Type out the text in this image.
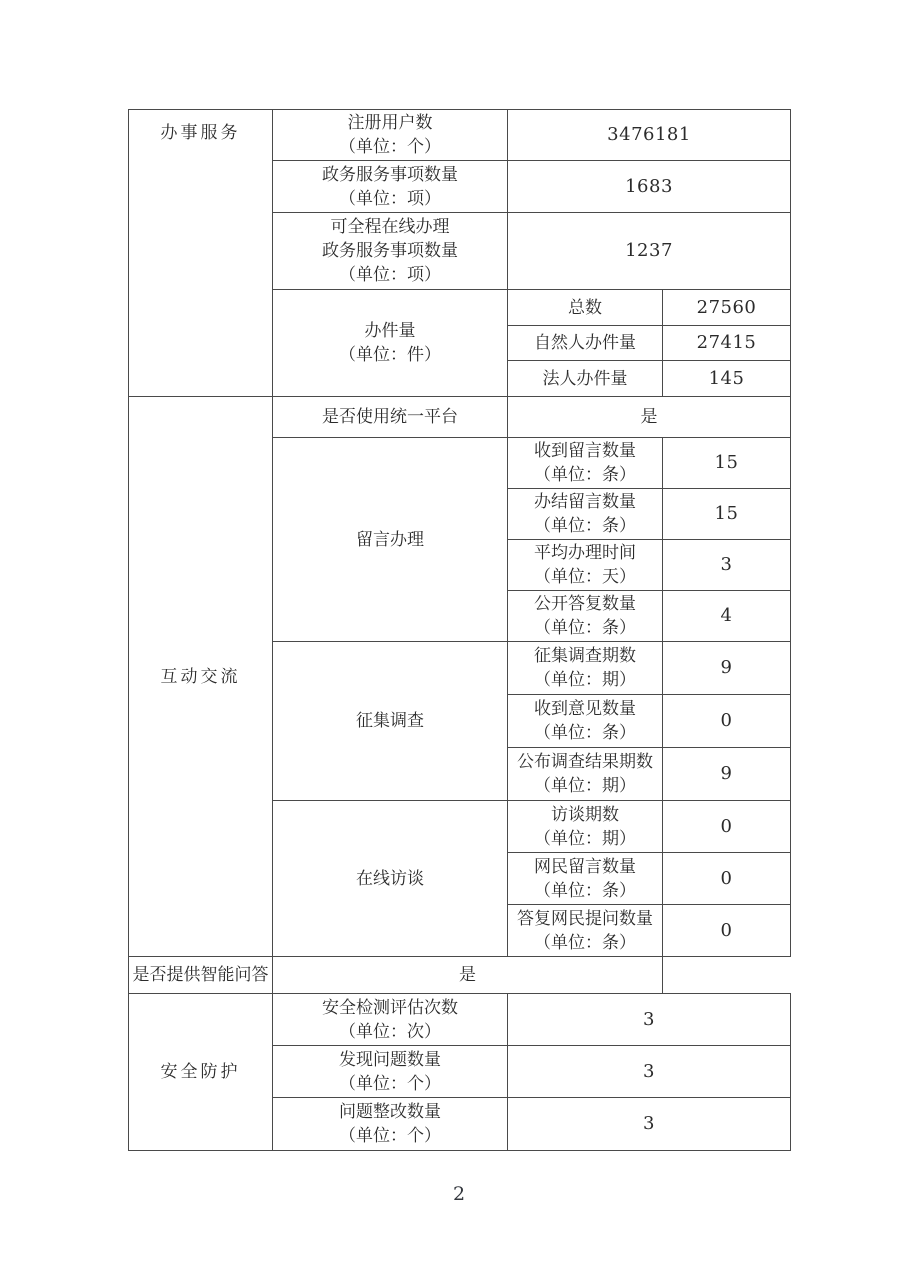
办事服务	注册用户数
（单位：个）	3476181	

	政务服务事项数量
（单位：项）	1683	

	可全程在线办理
政务服务事项数量
（单位：项）	1237	

	办件量
（单位：件）	总数	27560
		自然人办件量	27415
		法人办件量	145
互动交流	是否使用统一平台	是	
	留言办理	收到留言数量
（单位：条）	15

		办结留言数量
（单位：条）	15

		平均办理时间
（单位：天）	3

		公开答复数量
（单位：条）	4
	征集调查	征集调查期数
（单位：期）	9

		收到意见数量
（单位：条）	0

		公布调查结果期数
（单位：期）	9
	在线访谈	访谈期数
（单位：期）	0

		网民留言数量
（单位：条）	0

		答复网民提问数量
（单位：条）	0
是否提供智能问答	是		
安全防护	安全检测评估次数
（单位：次）	3	

	发现问题数量
（单位：个）	3	

	问题整改数量
（单位：个）	3	
2
